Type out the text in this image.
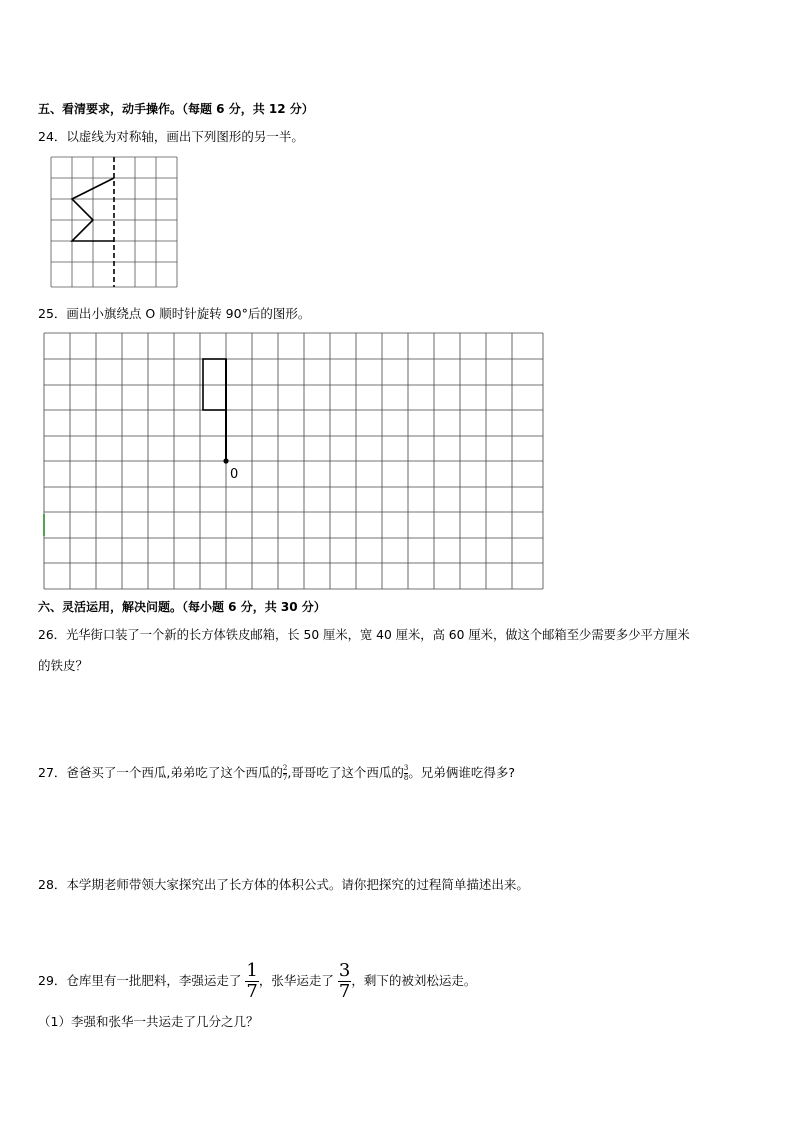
五、看清要求，动手操作。（每题 6 分，共 12 分）
24．以虚线为对称轴，画出下列图形的另一半。
25．画出小旗绕点 O 顺时针旋转 90°后的图形。
0
六、灵活运用，解决问题。（每小题 6 分，共 30 分）
26．光华街口装了一个新的长方体铁皮邮箱，长 50 厘米，宽 40 厘米，高 60 厘米，做这个邮箱至少需要多少平方厘米
的铁皮？
27．爸爸买了一个西瓜,弟弟吃了这个西瓜的 $\frac{2}{7}$ ,哥哥吃了这个西瓜的 $\frac{3}{8}$ 。兄弟俩谁吃得多?
28．本学期老师带领大家探究出了长方体的体积公式。请你把探究的过程简单描述出来。
29．仓库里有一批肥料，李强运走了 $\frac{1}{7}$ ，张华运走了 $\frac{3}{7}$ ，剩下的被刘松运走。
（1）李强和张华一共运走了几分之几？
